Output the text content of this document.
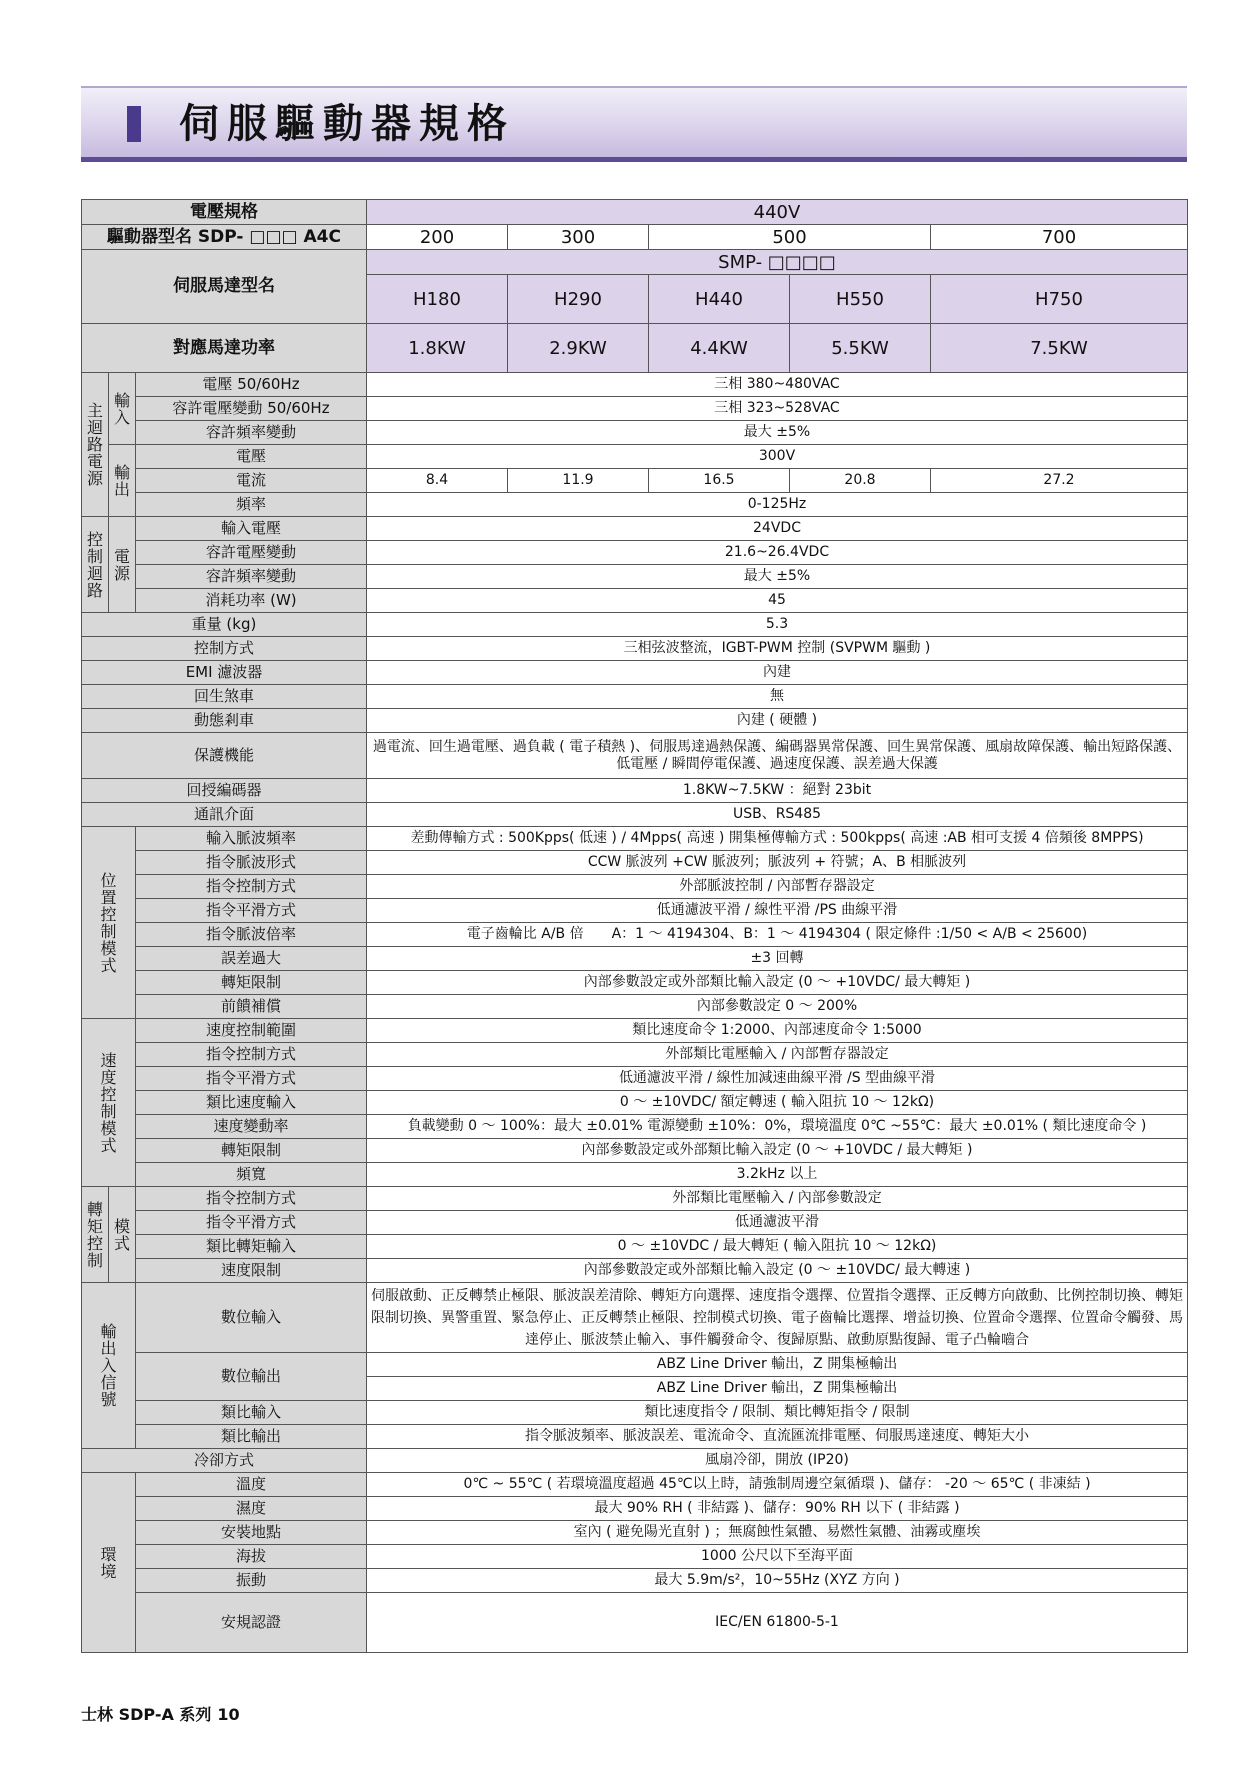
伺服驅動器規格
電壓規格			440V				
驅動器型名 SDP- □□□ A4C			200	300	500		700
伺服馬達型名			SMP- □□□□				
			H180	H290	H440	H550	H750
對應馬達功率			1.8KW	2.9KW	4.4KW	5.5KW	7.5KW
主迴路電源	輸入	電壓 50/60Hz	三相 380~480VAC				
		容許電壓變動 50/60Hz	三相 323~528VAC				
		容許頻率變動	最大 ±5%				
	輸出	電壓	300V				
		電流	8.4	11.9	16.5	20.8	27.2
		頻率	0-125Hz				
控制迴路	電源	輸入電壓	24VDC				
		容許電壓變動	21.6~26.4VDC				
		容許頻率變動	最大 ±5%				
		消耗功率 (W)	45				
重量 (kg)			5.3				
控制方式			三相弦波整流，IGBT-PWM 控制 (SVPWM 驅動 )				
EMI 濾波器			內建				
回生煞車			無				
動態剎車			內建 ( 硬體 )				
保護機能			過電流、回生過電壓、過負載 ( 電子積熱 )、伺服馬達過熱保護、編碼器異常保護、回生異常保護、風扇故障保護、輸出短路保護、低電壓 / 瞬間停電保護、過速度保護、誤差過大保護				
回授編碼器			1.8KW~7.5KW ：絕對 23bit				
通訊介面			USB、RS485				
位置控制模式		輸入脈波頻率	差動傳輸方式 : 500Kpps( 低速 ) / 4Mpps( 高速 ) 開集極傳輸方式 : 500kpps( 高速 :AB 相可支援 4 倍頻後 8MPPS)				
		指令脈波形式	CCW 脈波列 +CW 脈波列；脈波列 + 符號；A、B 相脈波列				
		指令控制方式	外部脈波控制 / 內部暫存器設定				
		指令平滑方式	低通濾波平滑 / 線性平滑 /PS 曲線平滑				
		指令脈波倍率	電子齒輪比 A/B 倍　　A：1 ～ 4194304、B：1 ～ 4194304 ( 限定條件 :1/50 < A/B < 25600)				
		誤差過大	±3 回轉				
		轉矩限制	內部參數設定或外部類比輸入設定 (0 ～ +10VDC/ 最大轉矩 )				
		前饋補償	內部參數設定 0 ～ 200%				
速度控制模式		速度控制範圍	類比速度命令 1:2000、內部速度命令 1:5000				
		指令控制方式	外部類比電壓輸入 / 內部暫存器設定				
		指令平滑方式	低通濾波平滑 / 線性加減速曲線平滑 /S 型曲線平滑				
		類比速度輸入	0 ～ ±10VDC/ 額定轉速 ( 輸入阻抗 10 ～ 12kΩ)				
		速度變動率	負載變動 0 ～ 100%：最大 ±0.01% 電源變動 ±10%：0%，環境溫度 0℃ ~55℃：最大 ±0.01% ( 類比速度命令 )				
		轉矩限制	內部參數設定或外部類比輸入設定 (0 ～ +10VDC / 最大轉矩 )				
		頻寬	3.2kHz 以上				
轉矩控制	模式	指令控制方式	外部類比電壓輸入 / 內部參數設定				
		指令平滑方式	低通濾波平滑				
		類比轉矩輸入	0 ～ ±10VDC / 最大轉矩 ( 輸入阻抗 10 ～ 12kΩ)				
		速度限制	內部參數設定或外部類比輸入設定 (0 ～ ±10VDC/ 最大轉速 )				
輸出入信號		數位輸入	伺服啟動、正反轉禁止極限、脈波誤差清除、轉矩方向選擇、速度指令選擇、位置指令選擇、正反轉方向啟動、比例控制切換、轉矩限制切換、異警重置、緊急停止、正反轉禁止極限、控制模式切換、電子齒輪比選擇、增益切換、位置命令選擇、位置命令觸發、馬達停止、脈波禁止輸入、事件觸發命令、復歸原點、啟動原點復歸、電子凸輪嚙合				
		數位輸出	ABZ Line Driver 輸出，Z 開集極輸出				
			ABZ Line Driver 輸出，Z 開集極輸出				
		類比輸入	類比速度指令 / 限制、類比轉矩指令 / 限制				
		類比輸出	指令脈波頻率、脈波誤差、電流命令、直流匯流排電壓、伺服馬達速度、轉矩大小				
冷卻方式			風扇冷卻，開放 (IP20)				
環境		溫度	0℃ ~ 55℃ ( 若環境溫度超過 45℃以上時，請強制周邊空氣循環 )、儲存： -20 ～ 65℃ ( 非凍結 )				
		濕度	最大 90% RH ( 非結露 )、儲存：90% RH 以下 ( 非結露 )				
		安裝地點	室內 ( 避免陽光直射 ) ；無腐蝕性氣體、易燃性氣體、油霧或塵埃				
		海拔	1000 公尺以下至海平面				
		振動	最大 5.9m/s²，10~55Hz (XYZ 方向 )				
		安規認證	IEC/EN 61800-5-1				
士林 SDP-A 系列 10
